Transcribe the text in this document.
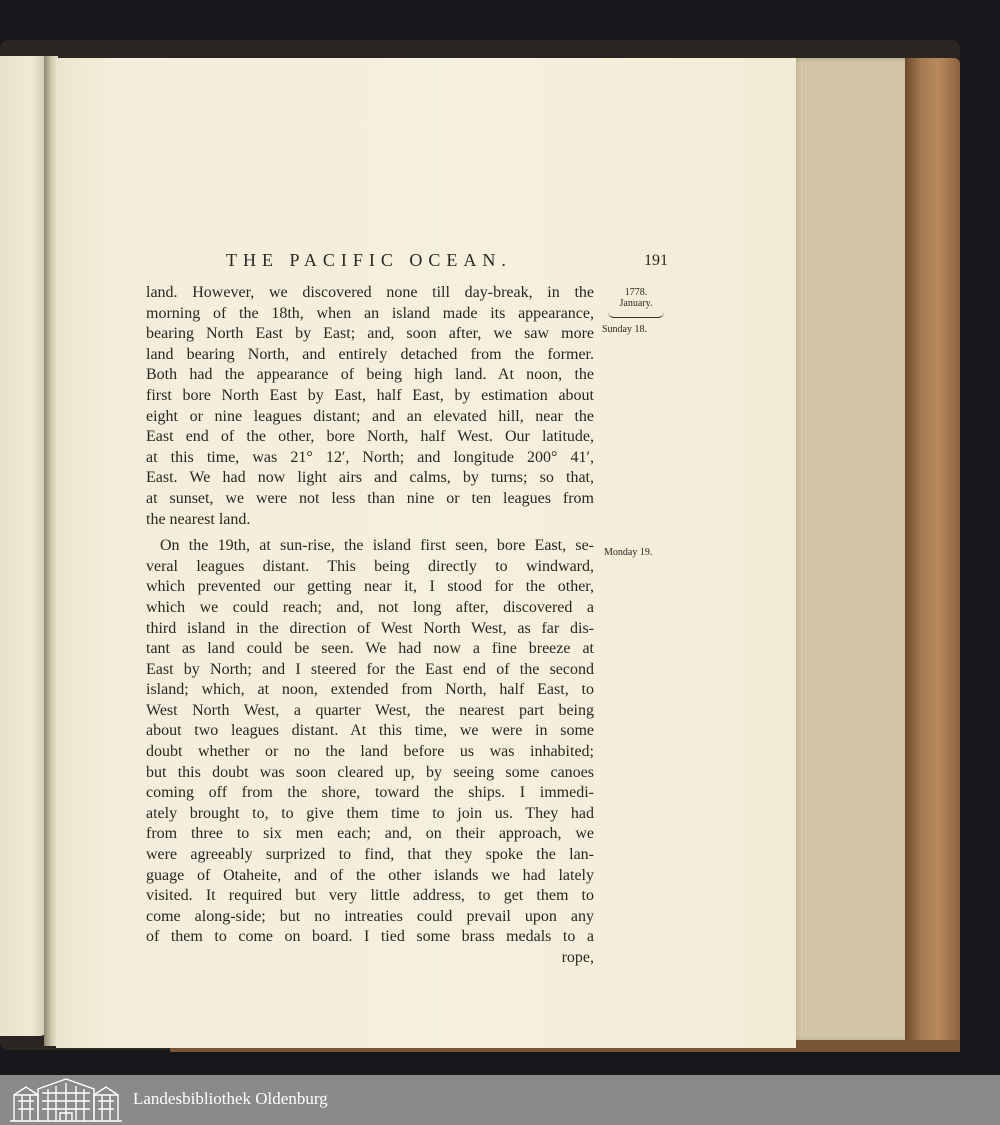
THE PACIFIC OCEAN.	191
1778.
January.
Sunday 18.
Monday 19.
land. However, we discovered none till day-break, in the
morning of the 18th, when an island made its appearance,
bearing North East by East; and, soon after, we saw more
land bearing North, and entirely detached from the former.
Both had the appearance of being high land. At noon, the
first bore North East by East, half East, by estimation about
eight or nine leagues distant; and an elevated hill, near the
East end of the other, bore North, half West. Our latitude,
at this time, was 21° 12′, North; and longitude 200° 41′,
East. We had now light airs and calms, by turns; so that,
at sunset, we were not less than nine or ten leagues from
the nearest land.
On the 19th, at sun-rise, the island first seen, bore East, se-
veral leagues distant. This being directly to windward,
which prevented our getting near it, I stood for the other,
which we could reach; and, not long after, discovered a
third island in the direction of West North West, as far dis-
tant as land could be seen. We had now a fine breeze at
East by North; and I steered for the East end of the second
island; which, at noon, extended from North, half East, to
West North West, a quarter West, the nearest part being
about two leagues distant. At this time, we were in some
doubt whether or no the land before us was inhabited;
but this doubt was soon cleared up, by seeing some canoes
coming off from the shore, toward the ships. I immedi-
ately brought to, to give them time to join us. They had
from three to six men each; and, on their approach, we
were agreeably surprized to find, that they spoke the lan-
guage of Otaheite, and of the other islands we had lately
visited. It required but very little address, to get them to
come along-side; but no intreaties could prevail upon any
of them to come on board. I tied some brass medals to a
rope,
Landesbibliothek Oldenburg
